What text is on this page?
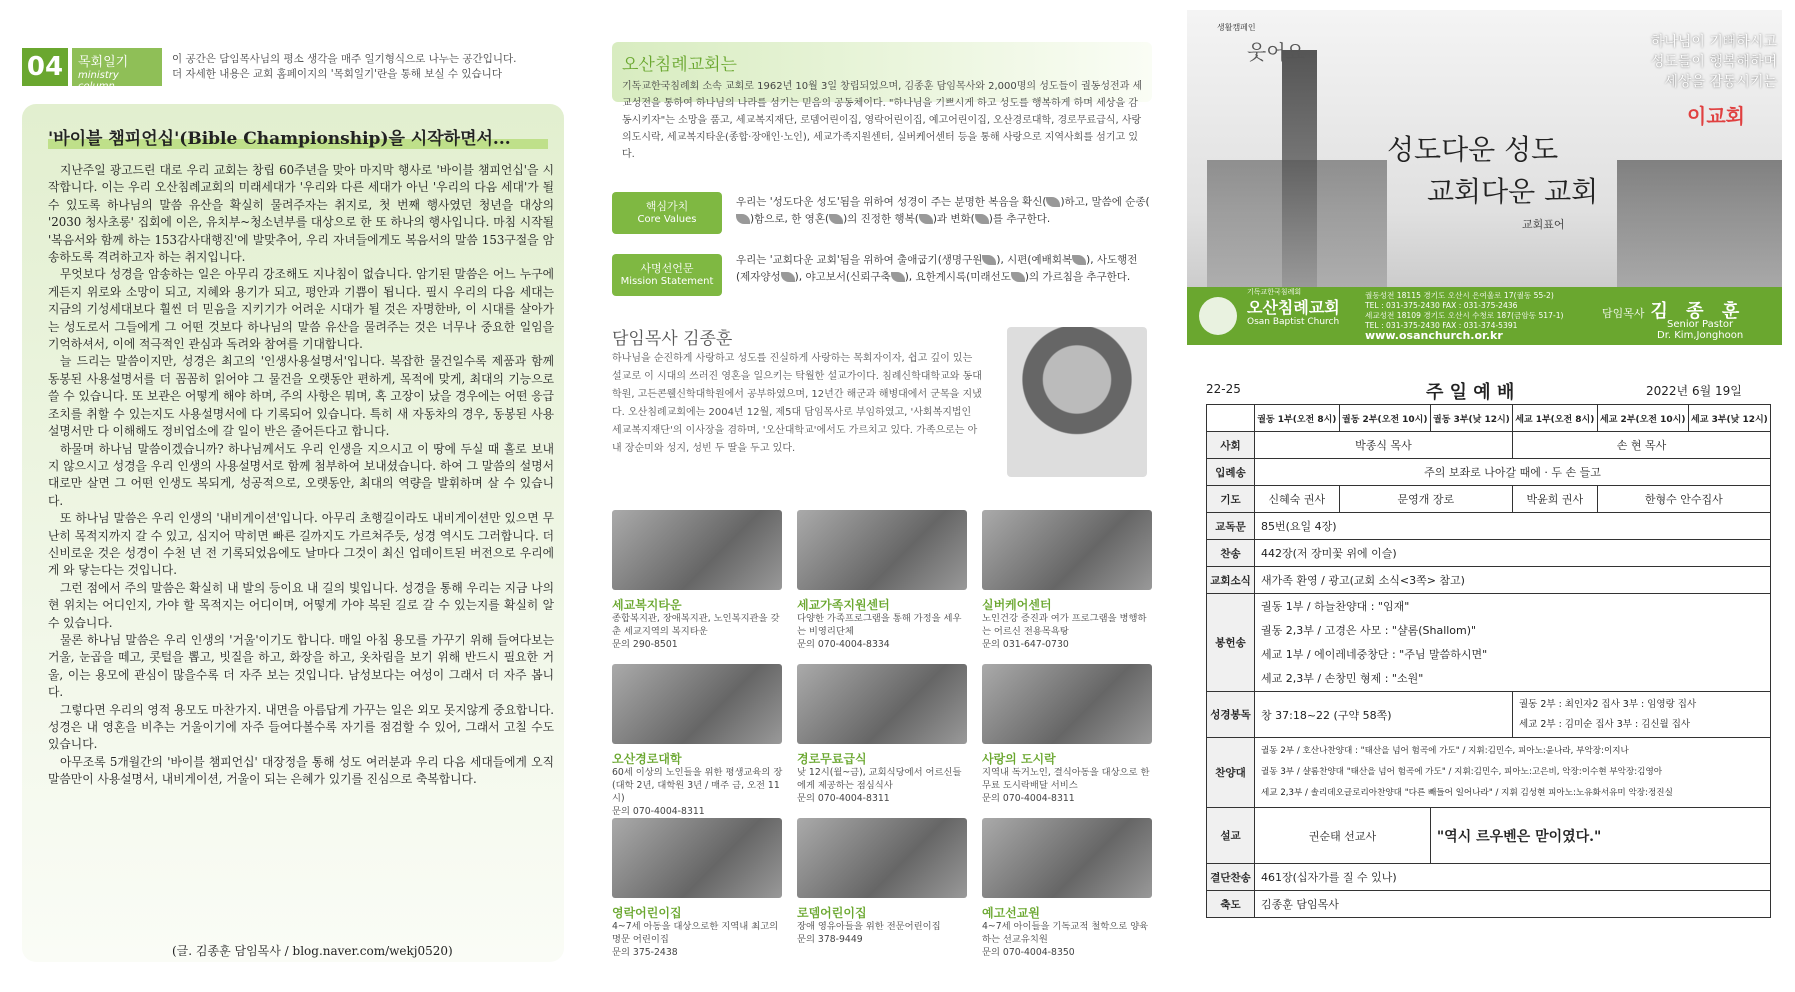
04	목회일기
ministry column
이 공간은 담임목사님의 평소 생각을 매주 일기형식으로 나누는 공간입니다.
더 자세한 내용은 교회 홈페이지의 '목회일기'란을 통해 보실 수 있습니다
'바이블 챔피언십'(Bible Championship)을 시작하면서...

지난주일 광고드린 대로 우리 교회는 창립 60주년을 맞아 마지막 행사로 '바이블 챔피언십'을 시작합니다. 이는 우리 오산침례교회의 미래세대가 '우리와 다른 세대가 아닌 '우리의 다음 세대'가 될 수 있도록 하나님의 말씀 유산을 확실히 물려주자는 취지로, 첫 번째 행사였던 청년을 대상의 '2030 청사초롱' 집회에 이은, 유치부~청소년부를 대상으로 한 또 하나의 행사입니다. 마침 시작될 '복음서와 함께 하는 153감사대행진'에 발맞추어, 우리 자녀들에게도 복음서의 말씀 153구절을 암송하도록 격려하고자 하는 취지입니다.

무엇보다 성경을 암송하는 일은 아무리 강조해도 지나침이 없습니다. 암기된 말씀은 어느 누구에게든지 위로와 소망이 되고, 지혜와 용기가 되고, 평안과 기쁨이 됩니다. 필시 우리의 다음 세대는 지금의 기성세대보다 훨씬 더 믿음을 지키기가 어려운 시대가 될 것은 자명한바, 이 시대를 살아가는 성도로서 그들에게 그 어떤 것보다 하나님의 말씀 유산을 물려주는 것은 너무나 중요한 일임을 기억하셔서, 이에 적극적인 관심과 독려와 참여를 기대합니다.

늘 드리는 말씀이지만, 성경은 최고의 '인생사용설명서'입니다. 복잡한 물건일수록 제품과 함께 동봉된 사용설명서를 더 꼼꼼히 읽어야 그 물건을 오랫동안 편하게, 목적에 맞게, 최대의 기능으로 쓸 수 있습니다. 또 보관은 어떻게 해야 하며, 주의 사항은 뭐며, 혹 고장이 났을 경우에는 어떤 응급조치를 취할 수 있는지도 사용설명서에 다 기록되어 있습니다. 특히 새 자동차의 경우, 동봉된 사용설명서만 다 이해해도 정비업소에 갈 일이 반은 줄어든다고 합니다.

하물며 하나님 말씀이겠습니까? 하나님께서도 우리 인생을 지으시고 이 땅에 두실 때 홀로 보내지 않으시고 성경을 우리 인생의 사용설명서로 함께 첨부하여 보내셨습니다. 하여 그 말씀의 설명서대로만 살면 그 어떤 인생도 복되게, 성공적으로, 오랫동안, 최대의 역량을 발휘하며 살 수 있습니다.

또 하나님 말씀은 우리 인생의 '내비게이션'입니다. 아무리 초행길이라도 내비게이션만 있으면 무난히 목적지까지 갈 수 있고, 심지어 막히면 빠른 길까지도 가르쳐주듯, 성경 역시도 그러합니다. 더 신비로운 것은 성경이 수천 년 전 기록되었음에도 날마다 그것이 최신 업데이트된 버전으로 우리에게 와 닿는다는 것입니다.

그런 점에서 주의 말씀은 확실히 내 발의 등이요 내 길의 빛입니다. 성경을 통해 우리는 지금 나의 현 위치는 어디인지, 가야 할 목적지는 어디이며, 어떻게 가야 복된 길로 갈 수 있는지를 확실히 알 수 있습니다.

물론 하나님 말씀은 우리 인생의 '거울'이기도 합니다. 매일 아침 용모를 가꾸기 위해 들여다보는 거울, 눈곱을 떼고, 콧털을 뽑고, 빗질을 하고, 화장을 하고, 옷차림을 보기 위해 반드시 필요한 거울, 이는 용모에 관심이 많을수록 더 자주 보는 것입니다. 남성보다는 여성이 그래서 더 자주 봅니다.

그렇다면 우리의 영적 용모도 마찬가지. 내면을 아름답게 가꾸는 일은 외모 못지않게 중요합니다. 성경은 내 영혼을 비추는 거울이기에 자주 들여다볼수록 자기를 점검할 수 있어, 그래서 고칠 수도 있습니다.

아무조록 5개월간의 '바이블 챔피언십' 대장정을 통해 성도 여러분과 우리 다음 세대들에게 오직 말씀만이 사용설명서, 내비게이션, 거울이 되는 은혜가 있기를 진심으로 축복합니다.

(글. 김종훈 담임목사 / blog.naver.com/wekj0520)
오산침례교회는
기독교한국침례회 소속 교회로 1962년 10월 3일 창립되었으며, 김종훈 담임목사와 2,000명의 성도들이 궐동성전과 세교성전을 통하여 하나님의 나라를 섬기는 믿음의 공동체이다. "하나님을 기쁘시게 하고 성도를 행복하게 하며 세상을 감동시키자"는 소망을 품고, 세교복지재단, 로뎀어린이집, 영락어린이집, 예고어린이집, 오산경로대학, 경로무료급식, 사랑의도시락, 세교복지타운(종합·장애인·노인), 세교가족지원센터, 실버케어센터 등을 통해 사랑으로 지역사회를 섬기고 있다.
핵심가치
Core Values
우리는 '성도다운 성도'됨을 위하여 성경이 주는 분명한 복음을 확신( )하고, 말씀에 순종()함으로, 한 영혼( )의 진정한 행복( )과 변화( )를 추구한다.
사명선언문
Mission Statement
우리는 '교회다운 교회'됨을 위하여 출애굽기(생명구원 ), 시편(예배회복 ), 사도행전(제자양성 ), 야고보서(신뢰구축 ), 요한계시록(미래선도 )의 가르침을 추구한다.
담임목사 김종훈
하나님을 순진하게 사랑하고 성도를 진실하게 사랑하는 목회자이자, 쉽고 깊이 있는 설교로 이 시대의 쓰러진 영혼을 일으키는 탁월한 설교가이다. 침례신학대학교와 동대학원, 고든콘웰신학대학원에서 공부하였으며, 12년간 해군과 해병대에서 군목을 지냈다. 오산침례교회에는 2004년 12월, 제5대 담임목사로 부임하였고, '사회복지법인 세교복지재단'의 이사장을 겸하며, '오산대학교'에서도 가르치고 있다. 가족으로는 아내 장순미와 성지, 성빈 두 딸을 두고 있다.
세교복지타운
종합복지관, 장애복지관, 노인복지관을 갖춘 세교지역의 복지타운
문의 290-8501
세교가족지원센터
다양한 가족프로그램을 통해 가정을 세우는 비영리단체
문의 070-4004-8334
실버케어센터
노인건강 증진과 여가 프로그램을 병행하는 어르신 전용목욕탕
문의 031-647-0730
오산경로대학
60세 이상의 노인들을 위한 평생교육의 장 (대학 2년, 대학원 3년 / 매주 금, 오전 11시)
문의 070-4004-8311
경로무료급식
낮 12시(월~금), 교회식당에서 어르신들에게 제공하는 점심식사
문의 070-4004-8311
사랑의 도시락
지역내 독거노인, 결식아동을 대상으로 한 무료 도시락배달 서비스
문의 070-4004-8311
영락어린이집
4~7세 아동을 대상으로한 지역내 최고의 명문 어린이집
문의 375-2438
로뎀어린이집
장애 영유아들을 위한 전문어린이집
문의 378-9449
예고선교원
4~7세 아이들을 기독교적 철학으로 양육하는 선교유치원
문의 070-4004-8350
생활캠페인
웃어요
성도다운 성도
교회다운 교회
교회표어
하나님이 기뻐하시고
성도들이 행복해하며
세상을 감동시키는
이교회
기독교한국침례회
오산침례교회
Osan Baptist Church
궐동성전 18115 경기도 오산시 은여울로 17(궐동 55-2)
TEL : 031-375-2430 FAX : 031-375-2436
세교성전 18109 경기도 오산시 수청로 187(금암동 517-1)
TEL : 031-375-2430 FAX : 031-374-5391
www.osanchurch.or.kr
담임목사 김 종 훈
Senior Pastor
Dr. Kim,Jonghoon
22-25	주 일 예 배	2022년 6월 19일
	궐동 1부(오전 8시)	궐동 2부(오전 10시)	궐동 3부(낮 12시)	세교 1부(오전 8시)	세교 2부(오전 10시)	세교 3부(낮 12시)
사회	박종식 목사			손 현 목사		
입례송	주의 보좌로 나아갈 때에 · 두 손 들고					
기도	신혜숙 권사	문영개 장로		박윤희 권사	한형수 안수집사	
교독문	85번(요일 4장)					
찬송	442장(저 장미꽃 위에 이슬)					
교회소식	새가족 환영 / 광고(교회 소식<3쪽> 참고)					
봉헌송	궐동 1부 / 하늘찬양대 : "임재"
궐동 2,3부 / 고경은 사모 : "샬롬(Shallom)"
세교 1부 / 에이레네중창단 : "주님 말씀하시면"
세교 2,3부 / 손창민 형제 : "소원"					

성경봉독	창 37:18~22 (구약 58쪽)			궐동 2부 : 최인자2 집사 3부 : 임영랑 집사
세교 2부 : 김미순 집사 3부 : 김신월 집사		

찬양대	궐동 2부 / 호산나찬양대 : "태산을 넘어 험곡에 가도" / 지휘:김민수, 피아노:윤나라, 부악장:이지나
궐동 3부 / 샬롬찬양대 "태산을 넘어 험곡에 가도" / 지휘:김민수, 피아노:고은비, 악장:이수현 부악장:김영아
세교 2,3부 / 솔리데오글로리아찬양대 "다른 빼들어 일어나라" / 지휘 김성현 피아노:노유화서유미 악장:정진실					

설교	권순태 선교사		"역시 르우벤은 맏이였다."			
결단찬송	461장(십자가를 질 수 있나)					
축도	김종훈 담임목사					
